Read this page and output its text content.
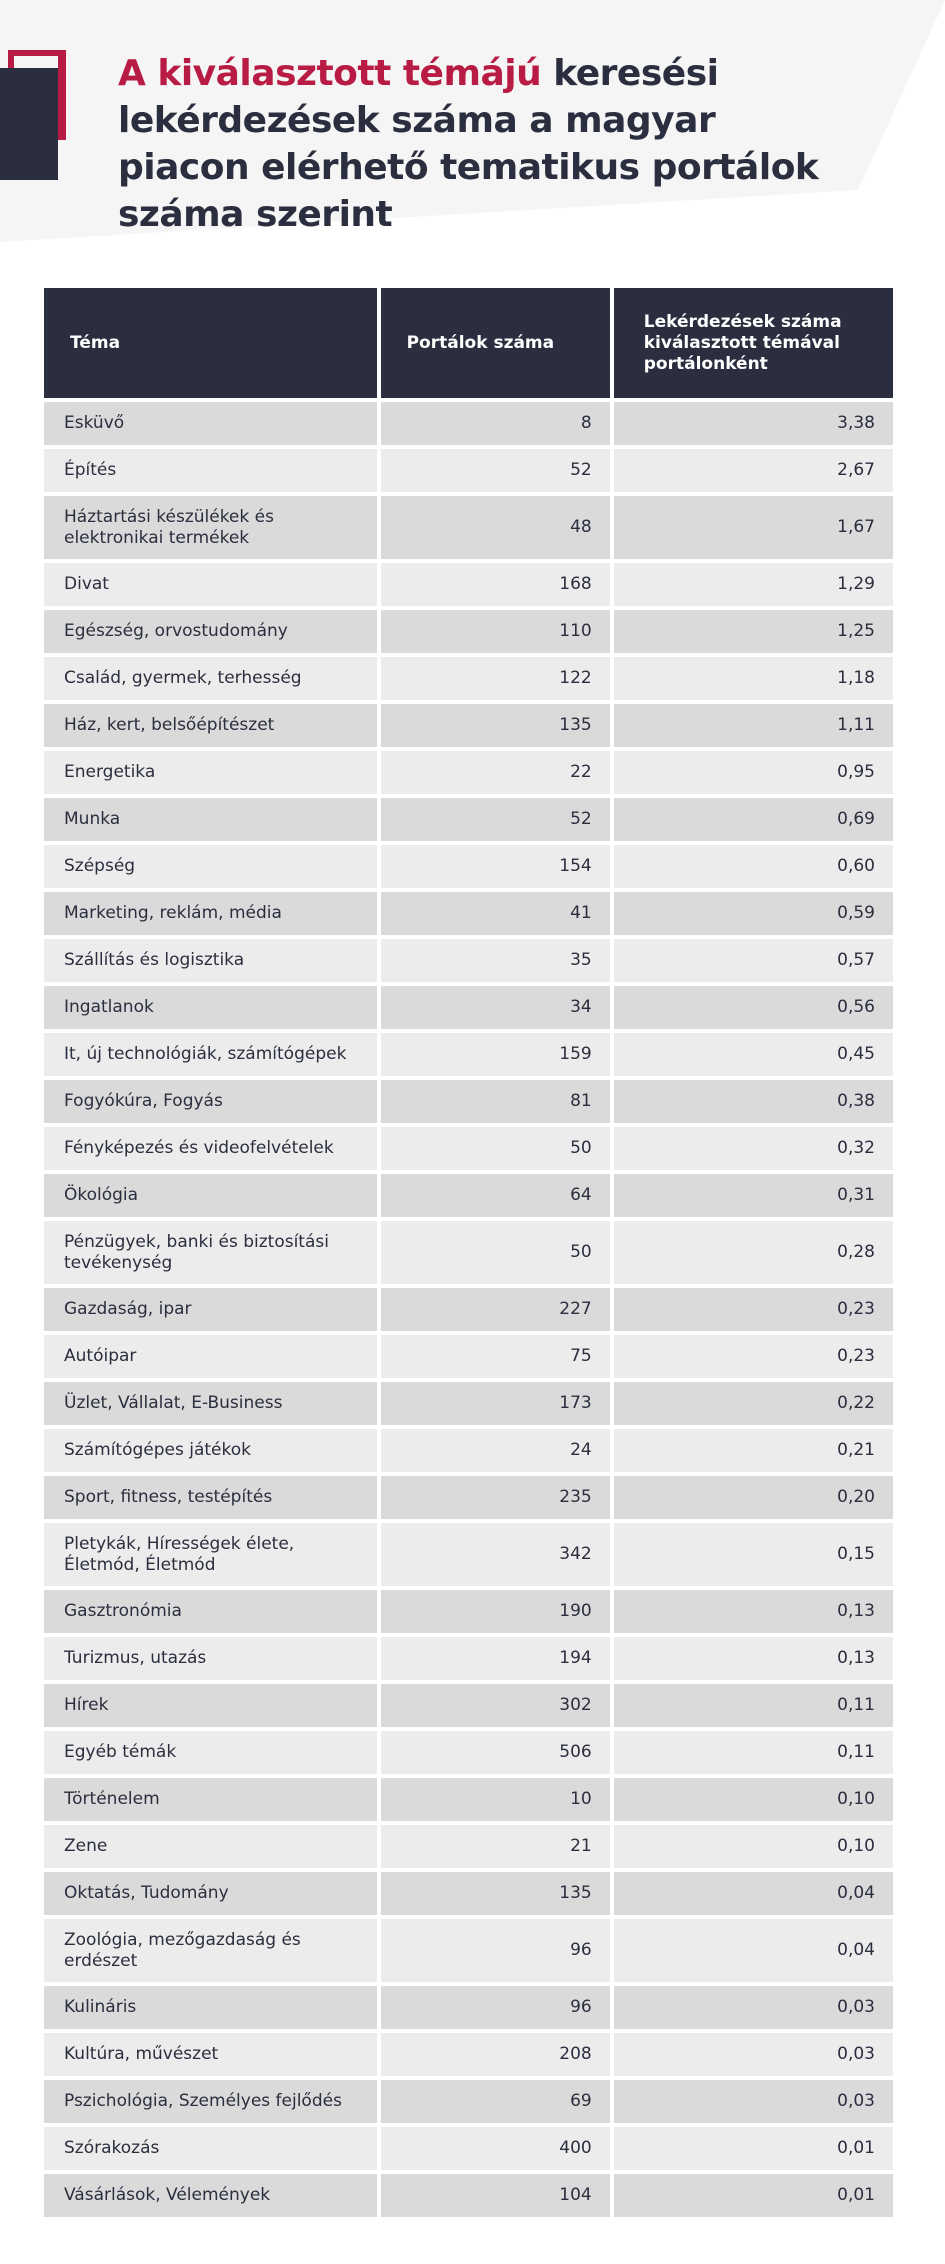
A kiválasztott témájú keresési lekérdezések száma a magyar piacon elérhető tematikus portálok száma szerint
Téma	Portálok száma	Lekérdezések száma kiválasztott témával portálonként
Esküvő	8	3,38
Építés	52	2,67
Háztartási készülékek és elektronikai termékek	48	1,67
Divat	168	1,29
Egészség, orvostudomány	110	1,25
Család, gyermek, terhesség	122	1,18
Ház, kert, belsőépítészet	135	1,11
Energetika	22	0,95
Munka	52	0,69
Szépség	154	0,60
Marketing, reklám, média	41	0,59
Szállítás és logisztika	35	0,57
Ingatlanok	34	0,56
It, új technológiák, számítógépek	159	0,45
Fogyókúra, Fogyás	81	0,38
Fényképezés és videofelvételek	50	0,32
Ökológia	64	0,31
Pénzügyek, banki és biztosítási tevékenység	50	0,28
Gazdaság, ipar	227	0,23
Autóipar	75	0,23
Üzlet, Vállalat, E-Business	173	0,22
Számítógépes játékok	24	0,21
Sport, fitness, testépítés	235	0,20
Pletykák, Hírességek élete, Életmód, Életmód	342	0,15
Gasztronómia	190	0,13
Turizmus, utazás	194	0,13
Hírek	302	0,11
Egyéb témák	506	0,11
Történelem	10	0,10
Zene	21	0,10
Oktatás, Tudomány	135	0,04
Zoológia, mezőgazdaság és erdészet	96	0,04
Kulináris	96	0,03
Kultúra, művészet	208	0,03
Pszichológia, Személyes fejlődés	69	0,03
Szórakozás	400	0,01
Vásárlások, Vélemények	104	0,01
